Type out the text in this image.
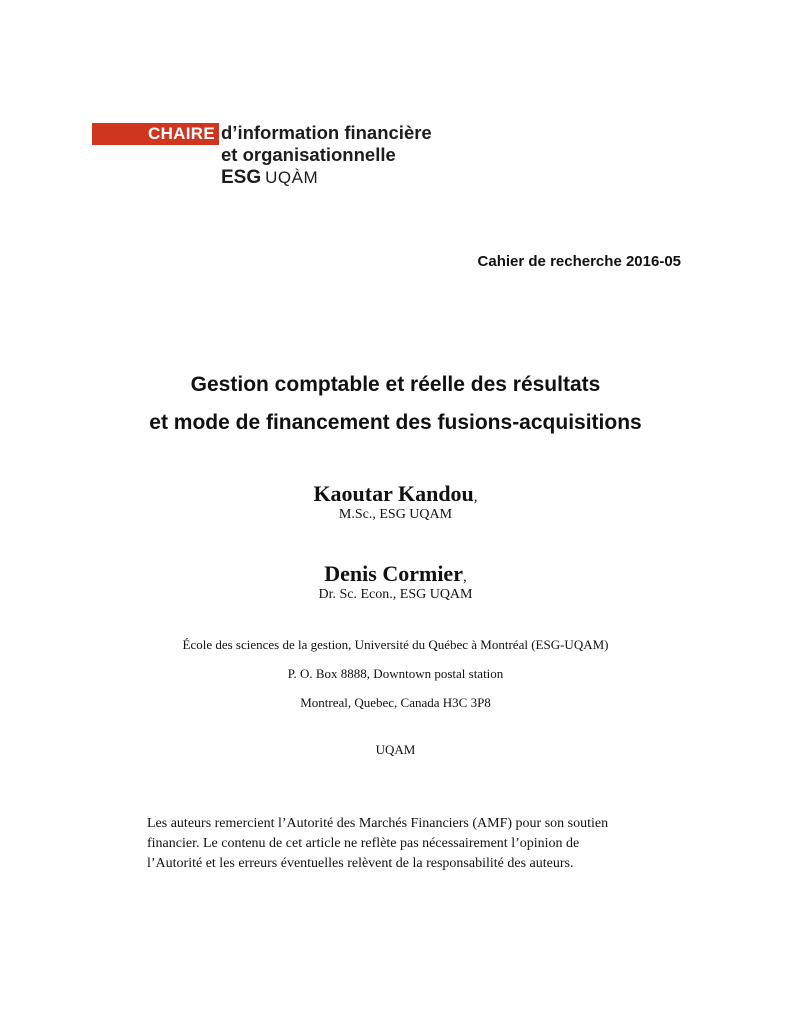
CHAIRE d’information financière
et organisationnelle
ESG UQÀM
Cahier de recherche 2016-05
Gestion comptable et réelle des résultats
et mode de financement des fusions-acquisitions
Kaoutar Kandou,
M.Sc., ESG UQAM
Denis Cormier,
Dr. Sc. Econ., ESG UQAM
École des sciences de la gestion, Université du Québec à Montréal (ESG-UQAM)
P. O. Box 8888, Downtown postal station
Montreal, Quebec, Canada H3C 3P8
UQAM
Les auteurs remercient l’Autorité des Marchés Financiers (AMF) pour son soutien
financier. Le contenu de cet article ne reflète pas nécessairement l’opinion de
l’Autorité et les erreurs éventuelles relèvent de la responsabilité des auteurs.
